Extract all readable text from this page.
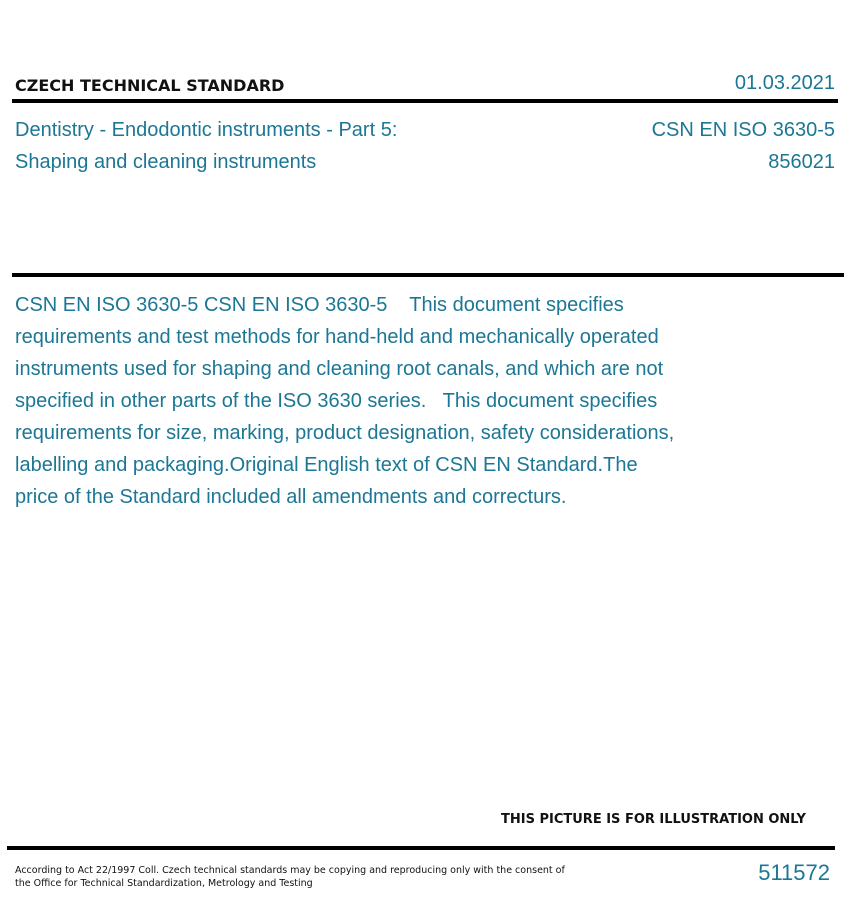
CZECH TECHNICAL STANDARD	01.03.2021
Dentistry - Endodontic instruments - Part 5: Shaping and cleaning instruments
CSN EN ISO 3630-5
856021
CSN EN ISO 3630-5 CSN EN ISO 3630-5    This document specifies requirements and test methods for hand-held and mechanically operated instruments used for shaping and cleaning root canals, and which are not specified in other parts of the ISO 3630 series.   This document specifies requirements for size, marking, product designation, safety considerations, labelling and packaging.Original English text of CSN EN Standard.The price of the Standard included all amendments and correcturs.
THIS PICTURE IS FOR ILLUSTRATION ONLY
According to Act 22/1997 Coll. Czech technical standards may be copying and reproducing only with the consent of the Office for Technical Standardization, Metrology and Testing	511572
